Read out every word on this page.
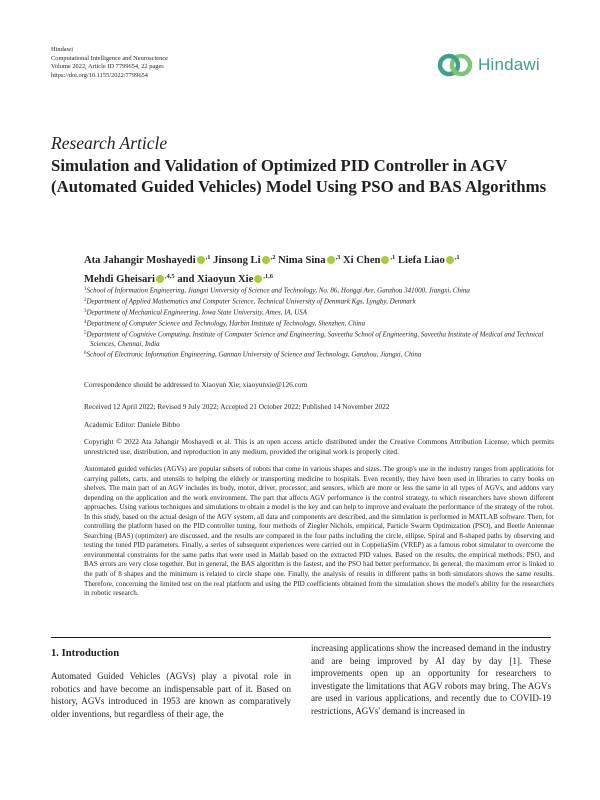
Hindawi
Computational Intelligence and Neuroscience
Volume 2022, Article ID 7799654, 22 pages
https://doi.org/10.1155/2022/7799654
Hindawi
Research Article
Simulation and Validation of Optimized PID Controller in AGV (Automated Guided Vehicles) Model Using PSO and BAS Algorithms
Ata Jahangir Moshayedi $^{,1}$ Jinsong Li $^{,2}$ Nima Sina $^{,3}$ Xi Chen $^{,1}$ Liefa Liao $^{,1}$
Mehdi Gheisari $^{,4,5}$ and Xiaoyun Xie $^{,1,6}$
$^1$School of Information Engineering, Jiangxi University of Science and Technology, No. 86, Hongqi Ave, Ganzhou 341000, Jiangxi, China
$^2$Department of Applied Mathematics and Computer Science, Technical University of Denmark Kgs, Lyngby, Denmark
$^3$Department of Mechanical Engineering, Iowa State University, Ames, IA, USA
$^4$Department of Computer Science and Technology, Harbin Institute of Technology, Shenzhen, China
$^5$Department of Cognitive Computing, Institute of Computer Science and Engineering, Saveetha School of Engineering, Saveetha Institute of Medical and Technical Sciences, Chennai, India
$^6$School of Electronic Information Engineering, Gannan University of Science and Technology, Ganzhou, Jiangxi, China
Correspondence should be addressed to Xiaoyun Xie; xiaoyunxie@126.com
Received 12 April 2022; Revised 9 July 2022; Accepted 21 October 2022; Published 14 November 2022
Academic Editor: Daniele Bibbo
Copyright © 2022 Ata Jahangir Moshayedi et al. This is an open access article distributed under the Creative Commons Attribution License, which permits unrestricted use, distribution, and reproduction in any medium, provided the original work is properly cited.
Automated guided vehicles (AGVs) are popular subsets of robots that come in various shapes and sizes. The group's use in the industry ranges from applications for carrying pallets, carts, and utensils to helping the elderly or transporting medicine to hospitals. Even recently, they have been used in libraries to carry books on shelves. The main part of an AGV includes its body, motor, driver, processor, and sensors, which are more or less the same in all types of AGVs, and addons vary depending on the application and the work environment. The part that affects AGV performance is the control strategy, to which researchers have shown different approaches. Using various techniques and simulations to obtain a model is the key and can help to improve and evaluate the performance of the strategy of the robot. In this study, based on the actual design of the AGV system, all data and components are described, and the simulation is performed in MATLAB software. Then, for controlling the platform based on the PID controller tuning, four methods of Ziegler Nichols, empirical, Particle Swarm Optimization (PSO), and Beetle Antennae Searching (BAS) (optimizer) are discussed, and the results are compared in the four paths including the circle, ellipse, Spiral and 8-shaped paths by observing and testing the tuned PID parameters. Finally, a series of subsequent experiences were carried out in CoppeliaSim (VREP) as a famous robot simulator to overcome the environmental constraints for the same paths that were used in Matlab based on the extracted PID values. Based on the results, the empirical methods, PSO, and BAS errors are very close together. But in general, the BAS algorithm is the fastest, and the PSO had better performance. In general, the maximum error is linked to the path of 8 shapes and the minimum is related to circle shape one. Finally, the analysis of results in different paths in both simulators shows the same results. Therefore, concerning the limited test on the real platform and using the PID coefficients obtained from the simulation shows the model's ability for the researchers in robotic research.
1. Introduction
Automated Guided Vehicles (AGVs) play a pivotal role in robotics and have become an indispensable part of it. Based on history, AGVs introduced in 1953 are known as comparatively older inventions, but regardless of their age, the
increasing applications show the increased demand in the industry and are being improved by AI day by day [1]. These improvements open up an opportunity for researchers to investigate the limitations that AGV robots may bring. The AGVs are used in various applications, and recently due to COVID-19 restrictions, AGVs' demand is increased in
